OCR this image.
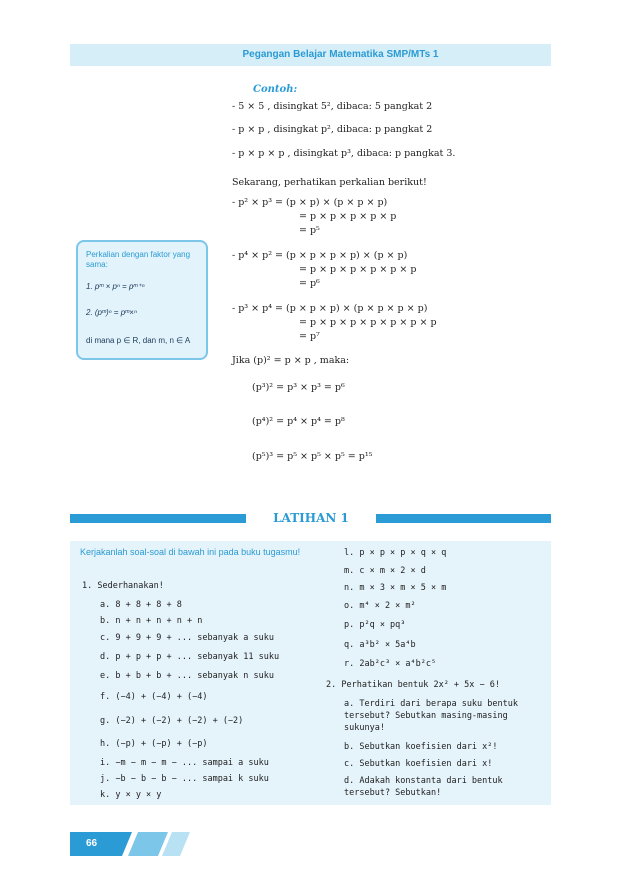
Pegangan Belajar Matematika SMP/MTs 1
Contoh:
- 5 × 5 , disingkat 5², dibaca: 5 pangkat 2
- p × p , disingkat p², dibaca: p pangkat 2
- p × p × p , disingkat p³, dibaca: p pangkat 3.
Sekarang, perhatikan perkalian berikut!
- p² × p³ = (p × p) × (p × p × p)
= p × p × p × p × p
= p⁵
- p⁴ × p² = (p × p × p × p) × (p × p)
= p × p × p × p × p × p
= p⁶
- p³ × p⁴ = (p × p × p) × (p × p × p × p)
= p × p × p × p × p × p × p
= p⁷
Jika (p)² = p × p , maka:
(p³)² = p³ × p³ = p⁶
(p⁴)² = p⁴ × p⁴ = p⁸
(p⁵)³ = p⁵ × p⁵ × p⁵ = p¹⁵
Perkalian dengan faktor yang sama:
1. pᵐ × pⁿ = pᵐ⁺ⁿ
2. (pᵐ)ⁿ = pᵐ×ⁿ
di mana p ∈ R, dan m, n ∈ A
LATIHAN 1
Kerjakanlah soal-soal di bawah ini pada buku tugasmu!
1. Sederhanakan!
a. 8 + 8 + 8 + 8
b. n + n + n + n + n
c. 9 + 9 + 9 + ... sebanyak a suku
d. p + p + p + ... sebanyak 11 suku
e. b + b + b + ... sebanyak n suku
f. (−4) + (−4) + (−4)
g. (−2) + (−2) + (−2) + (−2)
h. (−p) + (−p) + (−p)
i. −m − m − m − ... sampai a suku
j. −b − b − b − ... sampai k suku
k. y × y × y
l. p × p × p × q × q
m. c × m × 2 × d
n. m × 3 × m × 5 × m
o. m⁴ × 2 × m²
p. p²q × pq³
q. a³b² × 5a⁴b
r. 2ab²c³ × a⁴b²c⁵
2. Perhatikan bentuk 2x² + 5x − 6!
a. Terdiri dari berapa suku bentuk
tersebut? Sebutkan masing-masing
sukunya!
b. Sebutkan koefisien dari x²!
c. Sebutkan koefisien dari x!
d. Adakah konstanta dari bentuk
tersebut? Sebutkan!
66
